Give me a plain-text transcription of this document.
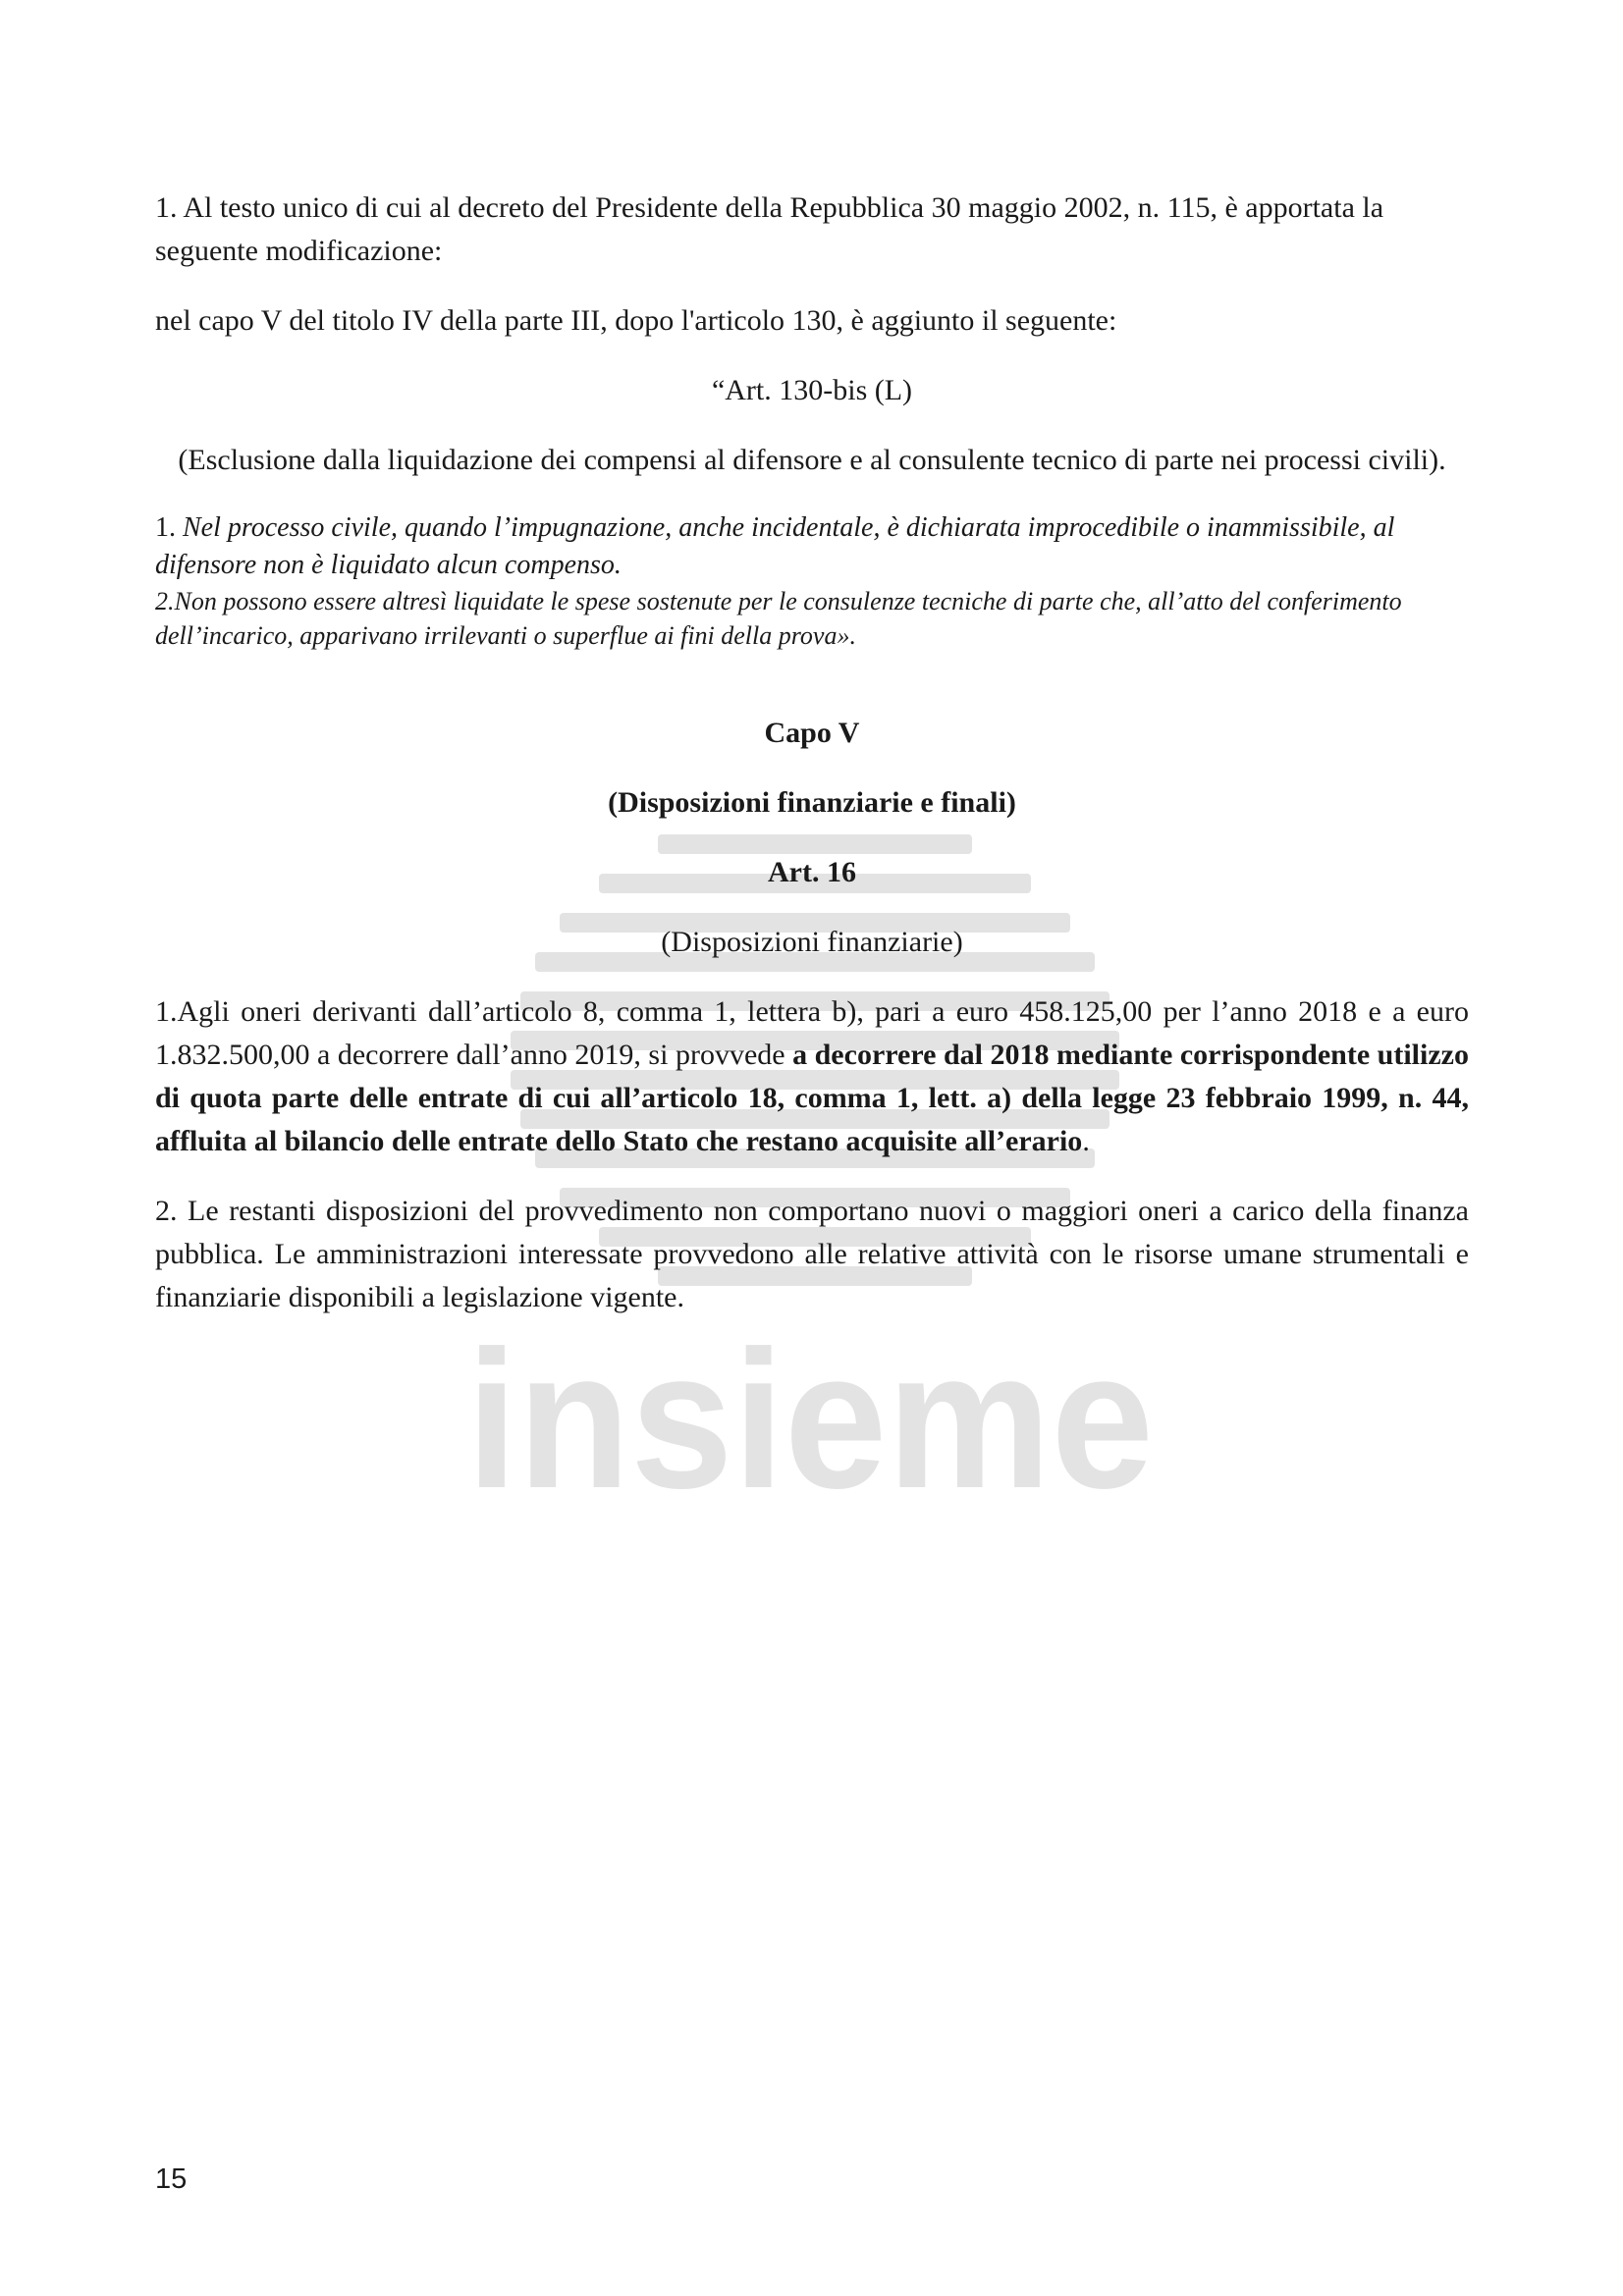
insieme

1. Al testo unico di cui al decreto del Presidente della Repubblica 30 maggio 2002, n. 115, è apportata la seguente modificazione:

nel capo V del titolo IV della parte III, dopo l'articolo 130, è aggiunto il seguente:

“Art. 130-bis (L)

(Esclusione dalla liquidazione dei compensi al difensore e al consulente tecnico di parte nei processi civili).

1. Nel processo civile, quando l’impugnazione, anche incidentale, è dichiarata improcedibile o inammissibile, al difensore non è liquidato alcun compenso.

2.Non possono essere altresì liquidate le spese sostenute per le consulenze tecniche di parte che, all’atto del conferimento dell’incarico, apparivano irrilevanti o superflue ai fini della prova».

Capo V

(Disposizioni finanziarie e finali)

Art. 16

(Disposizioni finanziarie)

1.Agli oneri derivanti dall’articolo 8, comma 1, lettera b), pari a euro 458.125,00 per l’anno 2018 e a euro 1.832.500,00 a decorrere dall’anno 2019, si provvede a decorrere dal 2018 mediante corrispondente utilizzo di quota parte delle entrate di cui all’articolo 18, comma 1, lett. a) della legge 23 febbraio 1999, n. 44, affluita al bilancio delle entrate dello Stato che restano acquisite all’erario.

2. Le restanti disposizioni del provvedimento non comportano nuovi o maggiori oneri a carico della finanza pubblica. Le amministrazioni interessate provvedono alle relative attività con le risorse umane strumentali e finanziarie disponibili a legislazione vigente.

15
